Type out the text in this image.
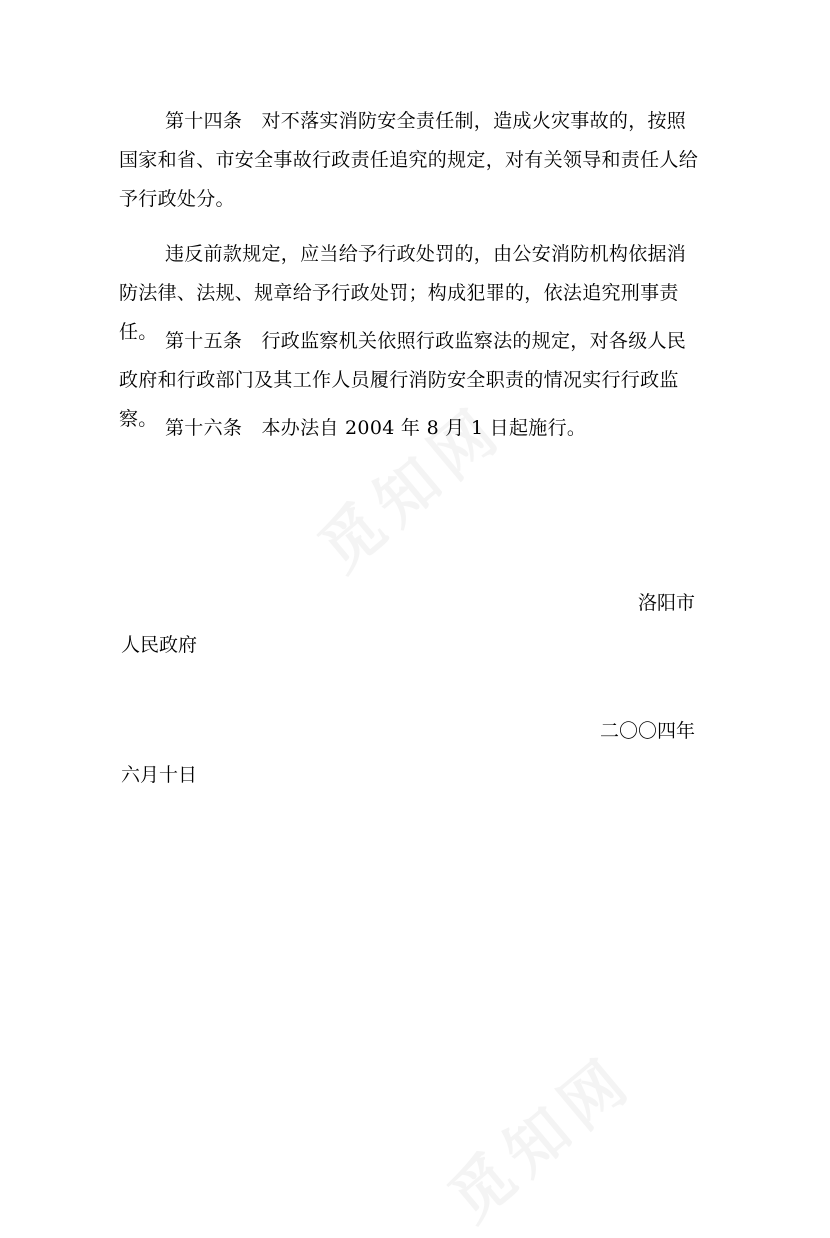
第十四条　对不落实消防安全责任制，造成火灾事故的，按照国家和省、市安全事故行政责任追究的规定，对有关领导和责任人给予行政处分。

违反前款规定，应当给予行政处罚的，由公安消防机构依据消防法律、法规、规章给予行政处罚；构成犯罪的，依法追究刑事责任。 第十五条　行政监察机关依照行政监察法的规定，对各级人民政府和行政部门及其工作人员履行消防安全职责的情况实行行政监察。 第十六条　本办法自 2004 年 8 月 1 日起施行。

洛阳市
人民政府
二〇〇四年
六月十日
